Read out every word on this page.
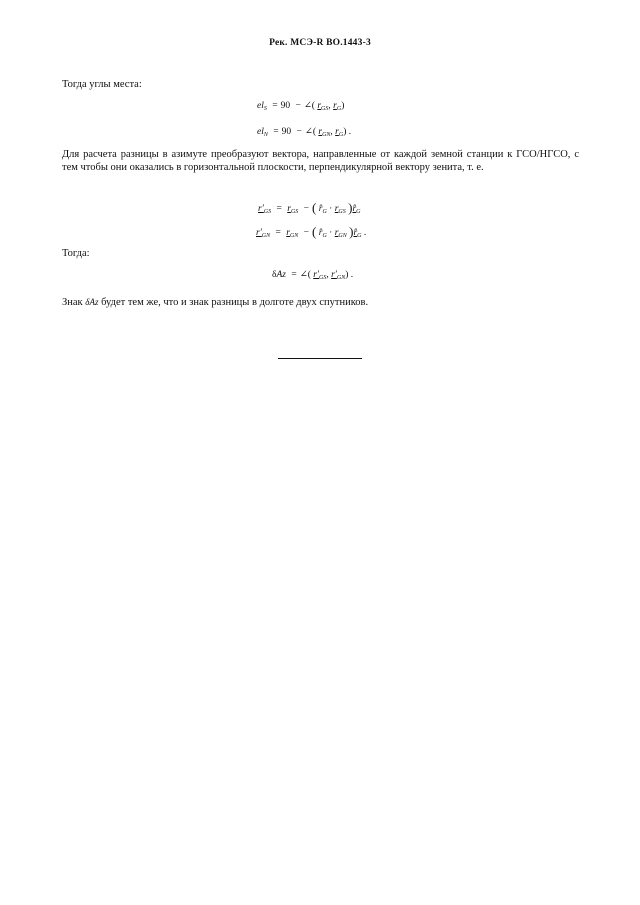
Рек. МСЭ-R BO.1443-3
Тогда углы места:
$el_S = 90$ − ∠( $r_{GS}$, $r_G$)
$el_N = 90$ − ∠( $r_{GN}$, $r_G$) .
Для расчета разницы в азимуте преобразуют вектора, направленные от каждой земной станции к ГСО/НГСО, с тем чтобы они оказались в горизонтальной плоскости, перпендикулярной вектору зенита, т. е.
$r'_{GS} = r_{GS}$ − ( $r̂_G \cdot r_{GS}$ )$r̂_G$
$r'_{GN} = r_{GN}$ − ( $r̂_G \cdot r_{GN}$ )$r̂_G$ .
Тогда:
δAz = ∠( $r'_{GS}$, $r'_{GN}$) .
Знак δAz будет тем же, что и знак разницы в долготе двух спутников.
